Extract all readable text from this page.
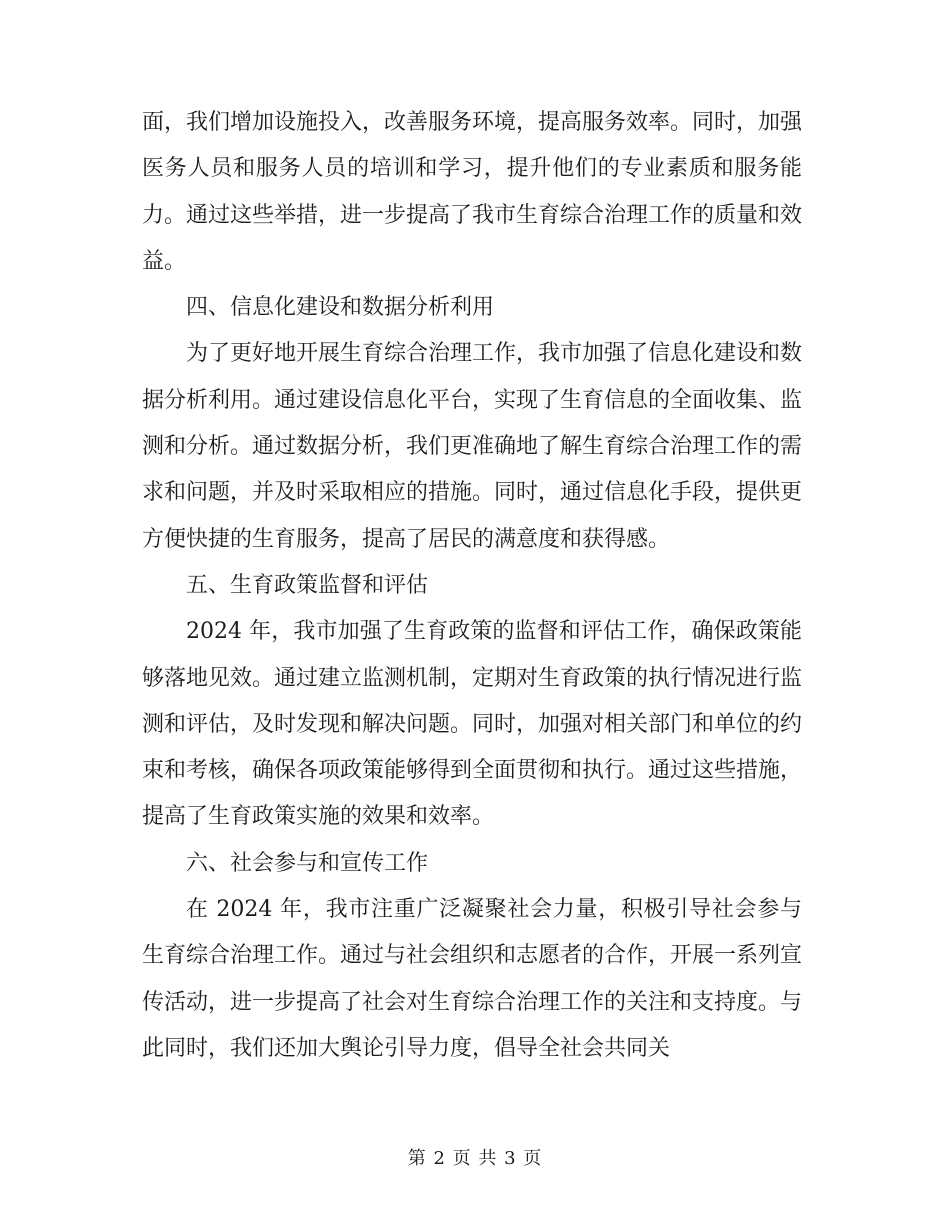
面，我们增加设施投入，改善服务环境，提高服务效率。同时，加强医务人员和服务人员的培训和学习，提升他们的专业素质和服务能力。通过这些举措，进一步提高了我市生育综合治理工作的质量和效益。

四、信息化建设和数据分析利用

为了更好地开展生育综合治理工作，我市加强了信息化建设和数据分析利用。通过建设信息化平台，实现了生育信息的全面收集、监测和分析。通过数据分析，我们更准确地了解生育综合治理工作的需求和问题，并及时采取相应的措施。同时，通过信息化手段，提供更方便快捷的生育服务，提高了居民的满意度和获得感。

五、生育政策监督和评估

2024 年，我市加强了生育政策的监督和评估工作，确保政策能够落地见效。通过建立监测机制，定期对生育政策的执行情况进行监测和评估，及时发现和解决问题。同时，加强对相关部门和单位的约束和考核，确保各项政策能够得到全面贯彻和执行。通过这些措施，提高了生育政策实施的效果和效率。

六、社会参与和宣传工作

在 2024 年，我市注重广泛凝聚社会力量，积极引导社会参与生育综合治理工作。通过与社会组织和志愿者的合作，开展一系列宣传活动，进一步提高了社会对生育综合治理工作的关注和支持度。与此同时，我们还加大舆论引导力度，倡导全社会共同关

第 2 页 共 3 页
